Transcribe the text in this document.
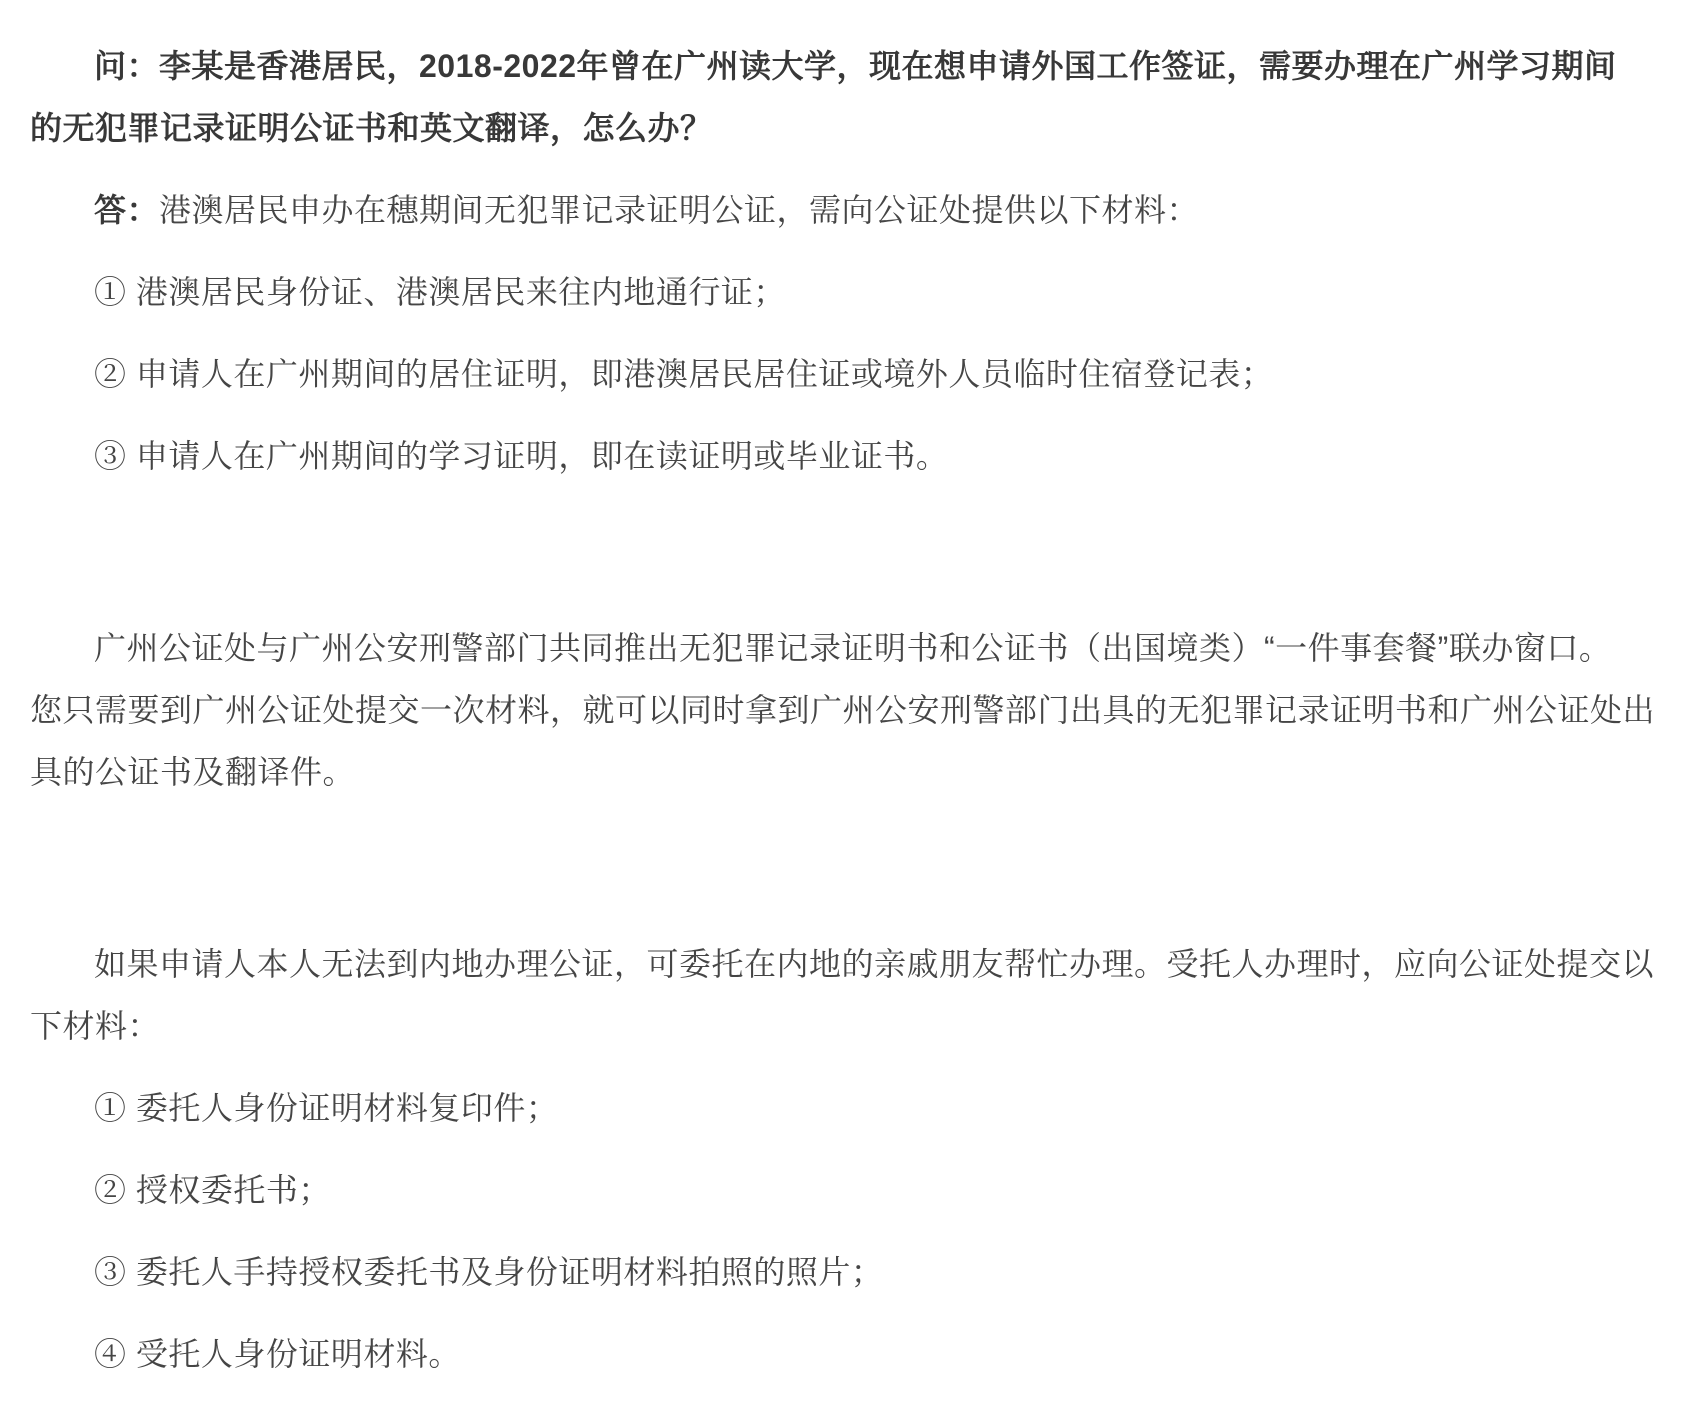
问：李某是香港居民，2018-2022年曾在广州读大学，现在想申请外国工作签证，需要办理在广州学习期间
的无犯罪记录证明公证书和英文翻译，怎么办？

答：港澳居民申办在穗期间无犯罪记录证明公证，需向公证处提供以下材料：

① 港澳居民身份证、港澳居民来往内地通行证；

② 申请人在广州期间的居住证明，即港澳居民居住证或境外人员临时住宿登记表；

③ 申请人在广州期间的学习证明，即在读证明或毕业证书。

广州公证处与广州公安刑警部门共同推出无犯罪记录证明书和公证书（出国境类）“一件事套餐”联办窗口。
您只需要到广州公证处提交一次材料，就可以同时拿到广州公安刑警部门出具的无犯罪记录证明书和广州公证处出
具的公证书及翻译件。

如果申请人本人无法到内地办理公证，可委托在内地的亲戚朋友帮忙办理。受托人办理时，应向公证处提交以
下材料：

① 委托人身份证明材料复印件；

② 授权委托书；

③ 委托人手持授权委托书及身份证明材料拍照的照片；

④ 受托人身份证明材料。
